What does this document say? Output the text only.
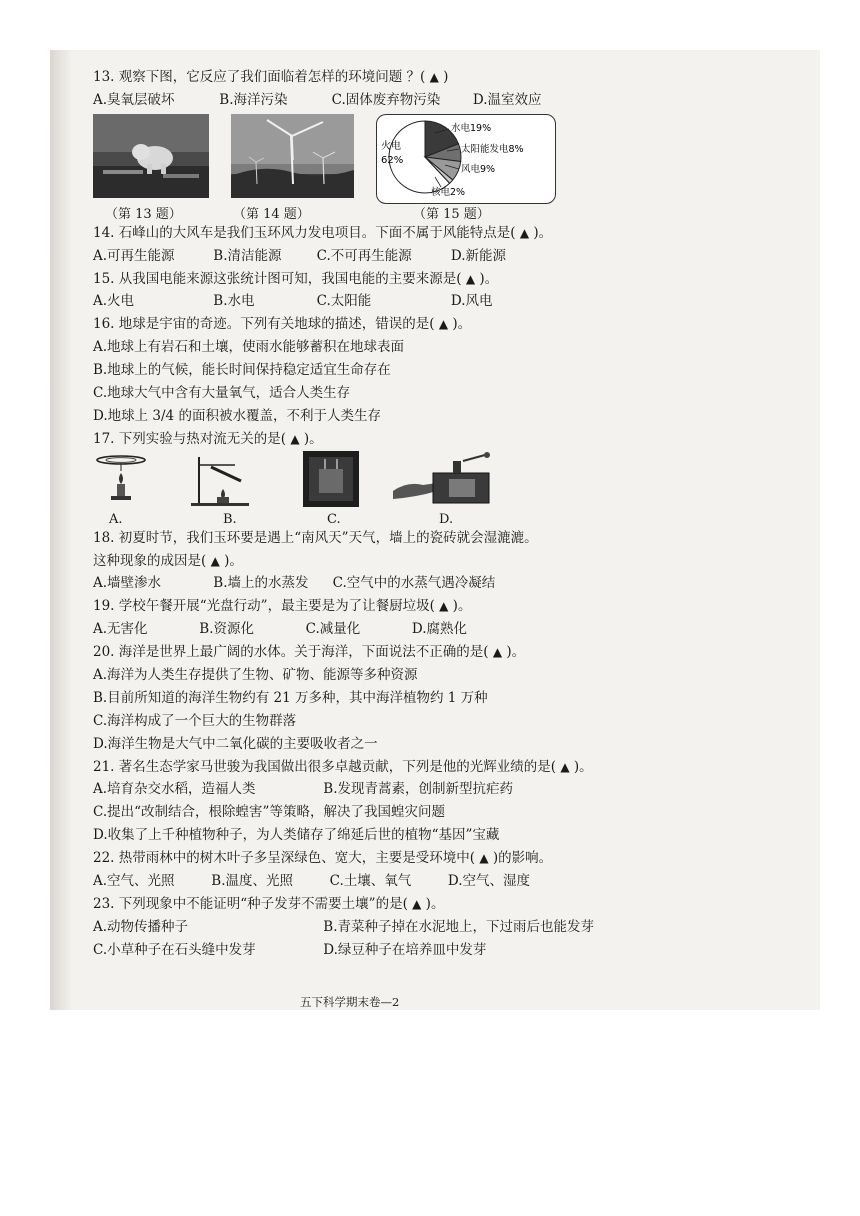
13. 观察下图，它反应了我们面临着怎样的环境问题 ？( ▲ )
A.臭氧层破坏	B.海洋污染	C.固体废弃物污染 D.温室效应
火电
62%
水电19%
太阳能发电8%
风电9%
核电2%
（第 13 题）	（第 14 题）	（第 15 题）
14. 石峰山的大风车是我们玉环风力发电项目。下面不属于风能特点是( ▲ )。
A.可再生能源	B.清洁能源	C.不可再生能源	D.新能源
15. 从我国电能来源这张统计图可知，我国电能的主要来源是( ▲ )。
A.火电	B.水电	C.太阳能	D.风电
16. 地球是宇宙的奇迹。下列有关地球的描述，错误的是( ▲ )。
A.地球上有岩石和土壤，使雨水能够蓄积在地球表面
B.地球上的气候，能长时间保持稳定适宜生命存在
C.地球大气中含有大量氧气，适合人类生存
D.地球上 3/4 的面积被水覆盖，不利于人类生存
17. 下列实验与热对流无关的是( ▲ )。
A.	B.	C.	D.
18. 初夏时节，我们玉环要是遇上“南风天”天气，墙上的瓷砖就会湿漉漉。
这种现象的成因是( ▲ )。
A.墙壁渗水	B.墙上的水蒸发 C.空气中的水蒸气遇冷凝结
19. 学校午餐开展“光盘行动”，最主要是为了让餐厨垃圾( ▲ )。
A.无害化	B.资源化	C.减量化	D.腐熟化
20. 海洋是世界上最广阔的水体。关于海洋，下面说法不正确的是( ▲ )。
A.海洋为人类生存提供了生物、矿物、能源等多种资源
B.目前所知道的海洋生物约有 21 万多种，其中海洋植物约 1 万种
C.海洋构成了一个巨大的生物群落
D.海洋生物是大气中二氧化碳的主要吸收者之一
21. 著名生态学家马世骏为我国做出很多卓越贡献，下列是他的光辉业绩的是( ▲ )。
A.培育杂交水稻，造福人类	B.发现青蒿素，创制新型抗疟药
C.提出“改制结合，根除蝗害”等策略，解决了我国蝗灾问题
D.收集了上千种植物种子，为人类储存了绵延后世的植物“基因”宝藏
22. 热带雨林中的树木叶子多呈深绿色、宽大，主要是受环境中( ▲ )的影响。
A.空气、光照	B.温度、光照	C.土壤、氧气	D.空气、湿度
23. 下列现象中不能证明“种子发芽不需要土壤”的是( ▲ )。
A.动物传播种子	B.青菜种子掉在水泥地上，下过雨后也能发芽
C.小草种子在石头缝中发芽	D.绿豆种子在培养皿中发芽
五下科学期末卷—2
